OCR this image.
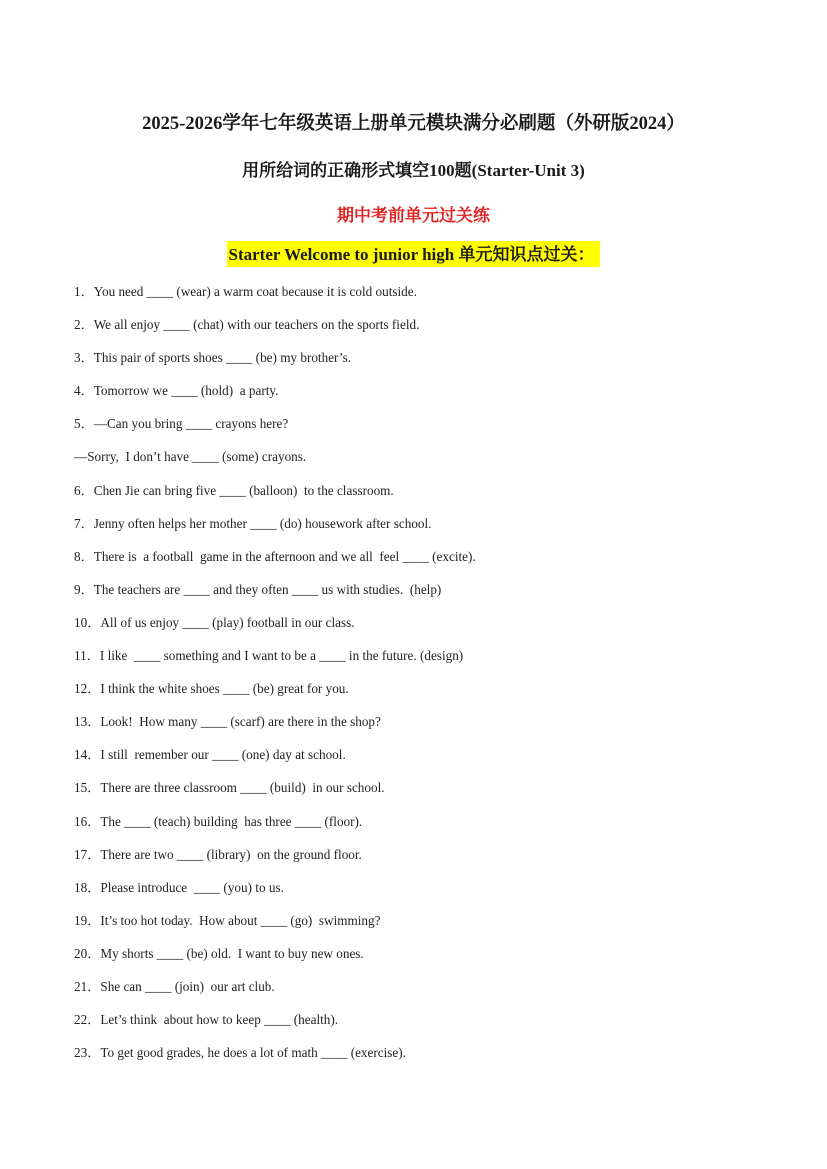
2025-2026学年七年级英语上册单元模块满分必刷题（外研版2024）
用所给词的正确形式填空100题(Starter-Unit 3)
期中考前单元过关练
Starter Welcome to junior high 单元知识点过关：
1．You need ____ (wear) a warm coat because it is cold outside.
2．We all enjoy ____ (chat) with our teachers on the sports field.
3．This pair of sports shoes ____ (be) my brother’s.
4．Tomorrow we ____ (hold)  a party.
5．—Can you bring ____ crayons here?
—Sorry,  I don’t have ____ (some) crayons.
6．Chen Jie can bring five ____ (balloon)  to the classroom.
7．Jenny often helps her mother ____ (do) housework after school.
8．There is  a football  game in the afternoon and we all  feel ____ (excite).
9．The teachers are ____ and they often ____ us with studies.  (help)
10．All of us enjoy ____ (play) football in our class.
11．I like  ____ something and I want to be a ____ in the future. (design)
12．I think the white shoes ____ (be) great for you.
13．Look!  How many ____ (scarf) are there in the shop?
14．I still  remember our ____ (one) day at school.
15．There are three classroom ____ (build)  in our school.
16．The ____ (teach) building  has three ____ (floor).
17．There are two ____ (library)  on the ground floor.
18．Please introduce  ____ (you) to us.
19．It’s too hot today.  How about ____ (go)  swimming?
20．My shorts ____ (be) old.  I want to buy new ones.
21．She can ____ (join)  our art club.
22．Let’s think  about how to keep ____ (health).
23．To get good grades, he does a lot of math ____ (exercise).
